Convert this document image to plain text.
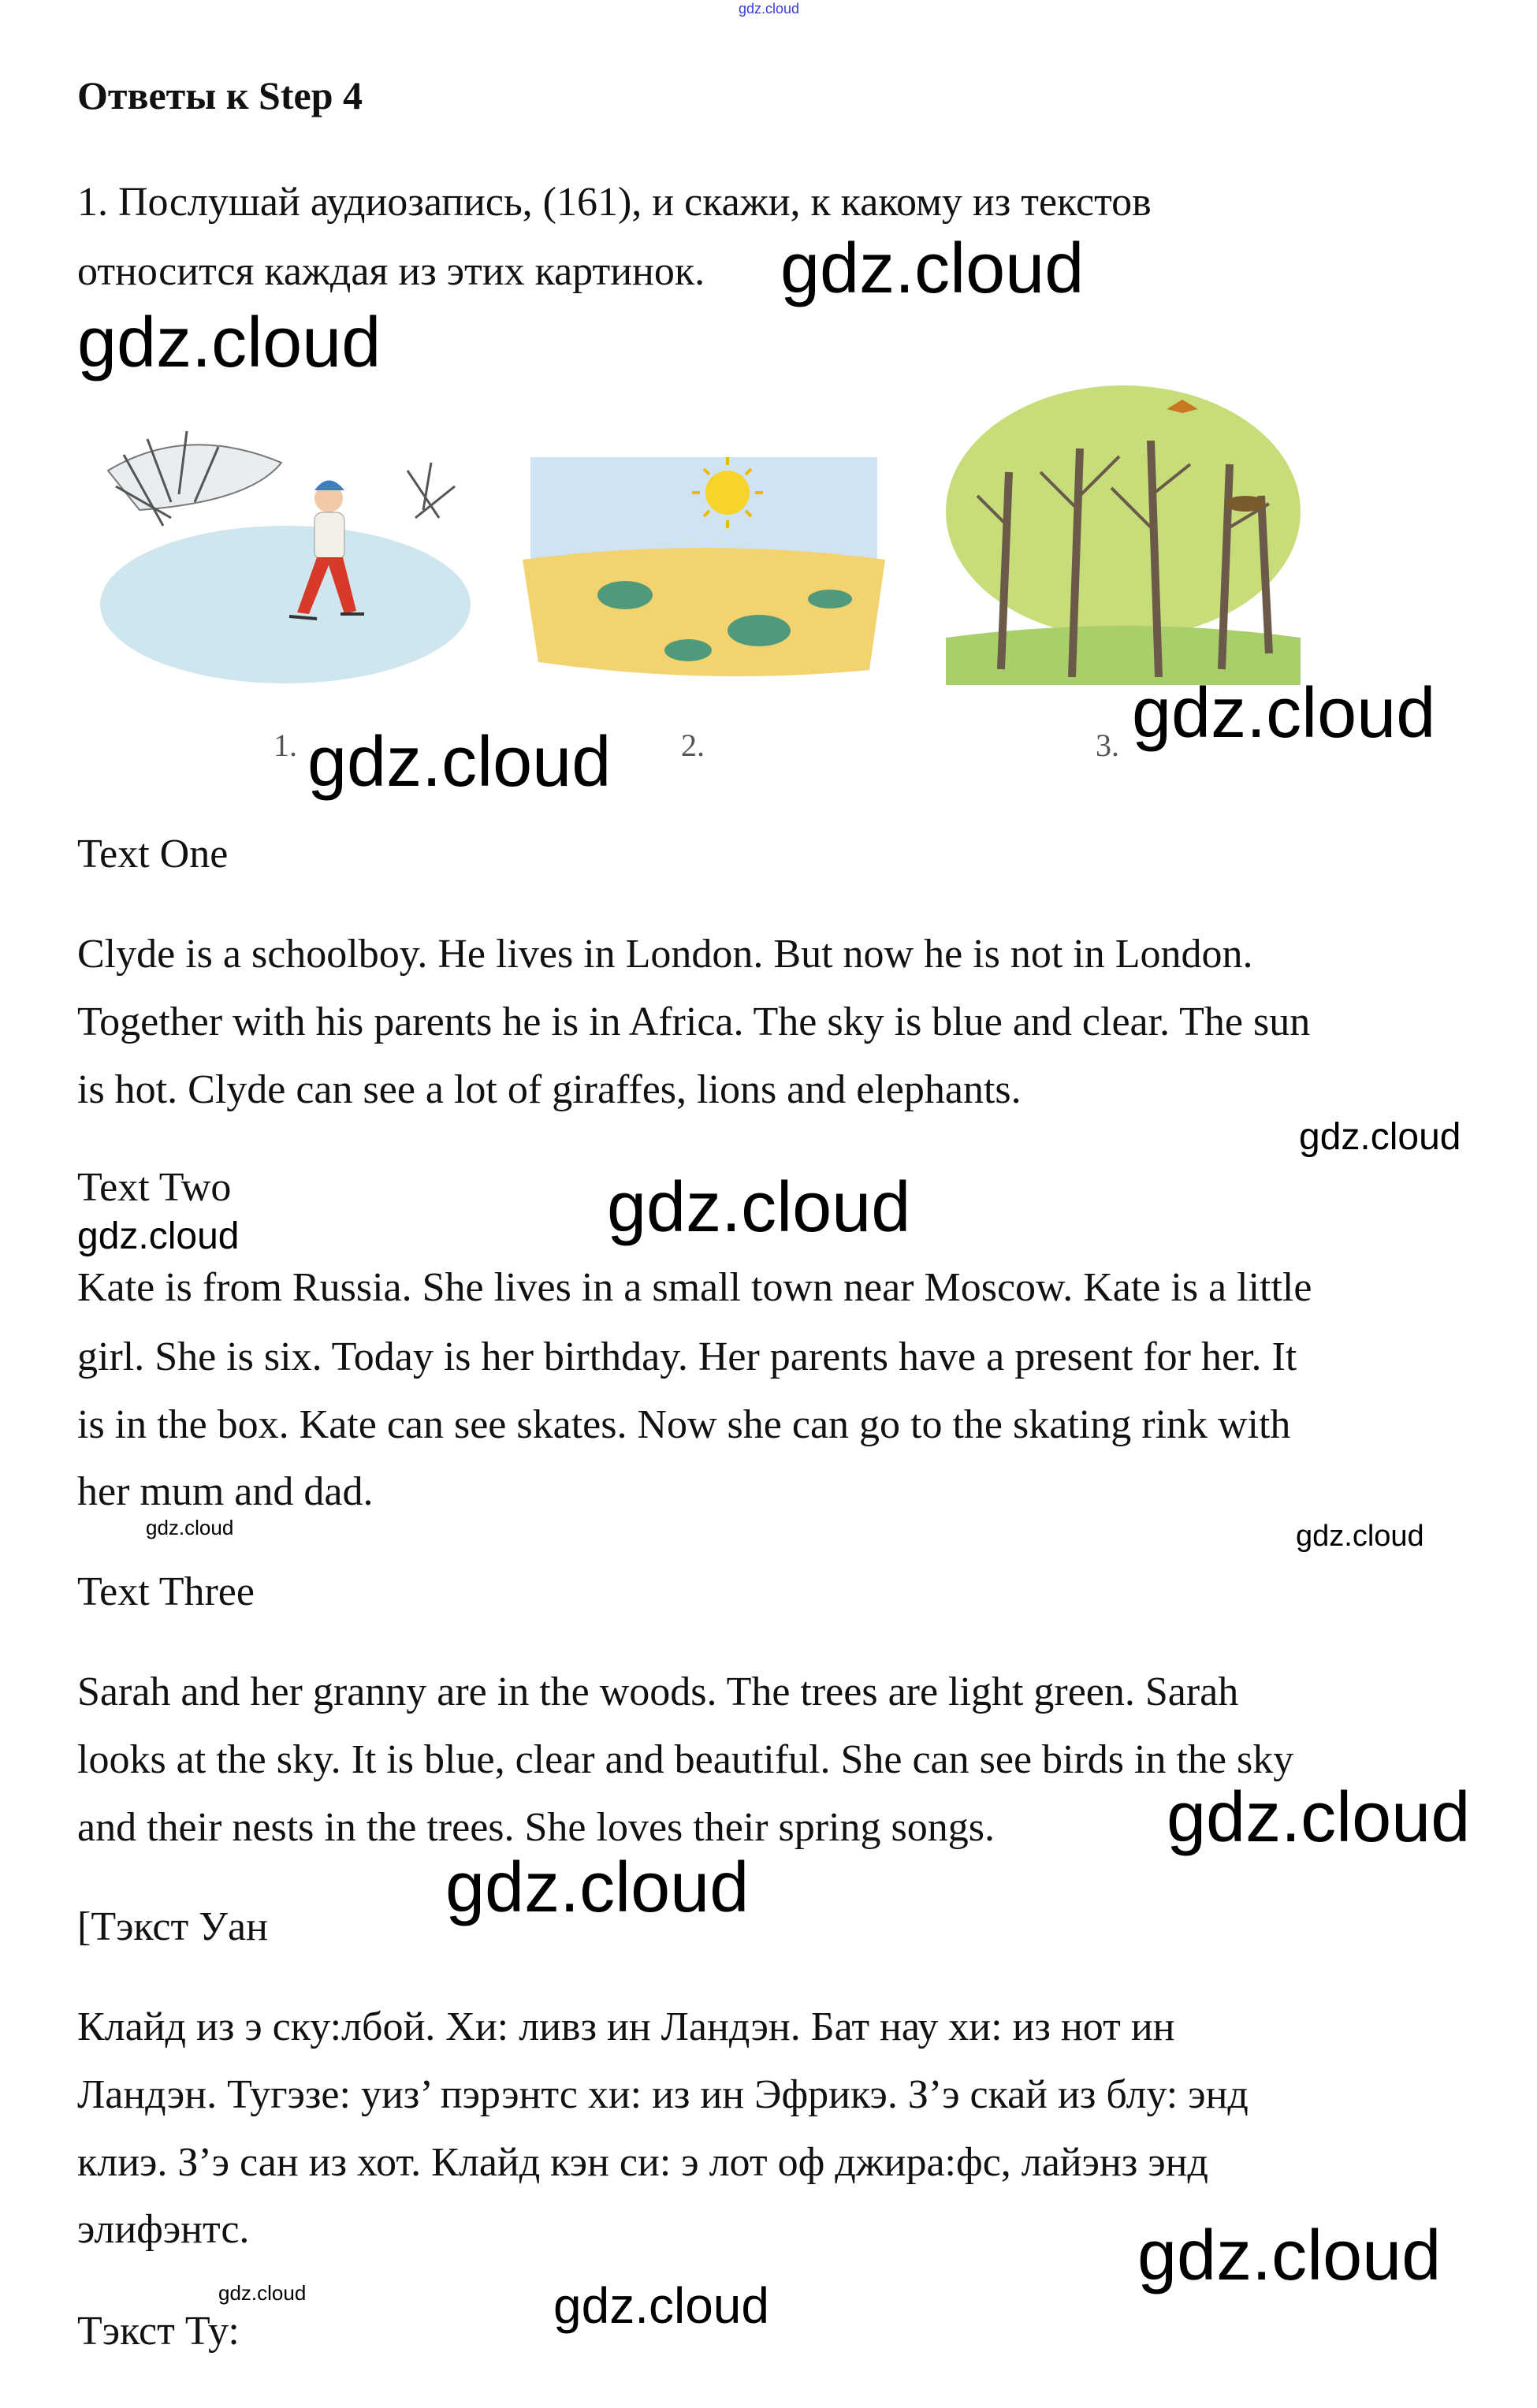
gdz.cloud
Ответы к Step 4
1. Послушай аудиозапись, (161), и скажи, к какому из текстов
относится каждая из этих картинок. gdz.cloud
gdz.cloud
1.	2.	3.
gdz.cloud
gdz.cloud
Text One
Clyde is a schoolboy. He lives in London. But now he is not in London.
Together with his parents he is in Africa. The sky is blue and clear. The sun
is hot. Clyde can see a lot of giraffes, lions and elephants.
gdz.cloud
Text Two	gdz.cloud
gdz.cloud
Kate is from Russia. She lives in a small town near Moscow. Kate is a little
girl. She is six. Today is her birthday. Her parents have a present for her. It
is in the box. Kate can see skates. Now she can go to the skating rink with
her mum and dad.
gdz.cloud
gdz.cloud
Text Three
Sarah and her granny are in the woods. The trees are light green. Sarah
looks at the sky. It is blue, clear and beautiful. She can see birds in the sky
and their nests in the trees. She loves their spring songs. gdz.cloud
gdz.cloud
[Тэкст Уан
Клайд из э ску:лбой. Хи: ливз ин Ландэн. Бат нау хи: из нот ин
Ландэн. Тугэзе: уиз’ пэрэнтс хи: из ин Эфрикэ. З’э скай из блу: энд
клиэ. З’э сан из хот. Клайд кэн си: э лот оф джира:фс, лайэнз энд
элифэнтс.	gdz.cloud
gdz.cloud	gdz.cloud
Тэкст Ту:
